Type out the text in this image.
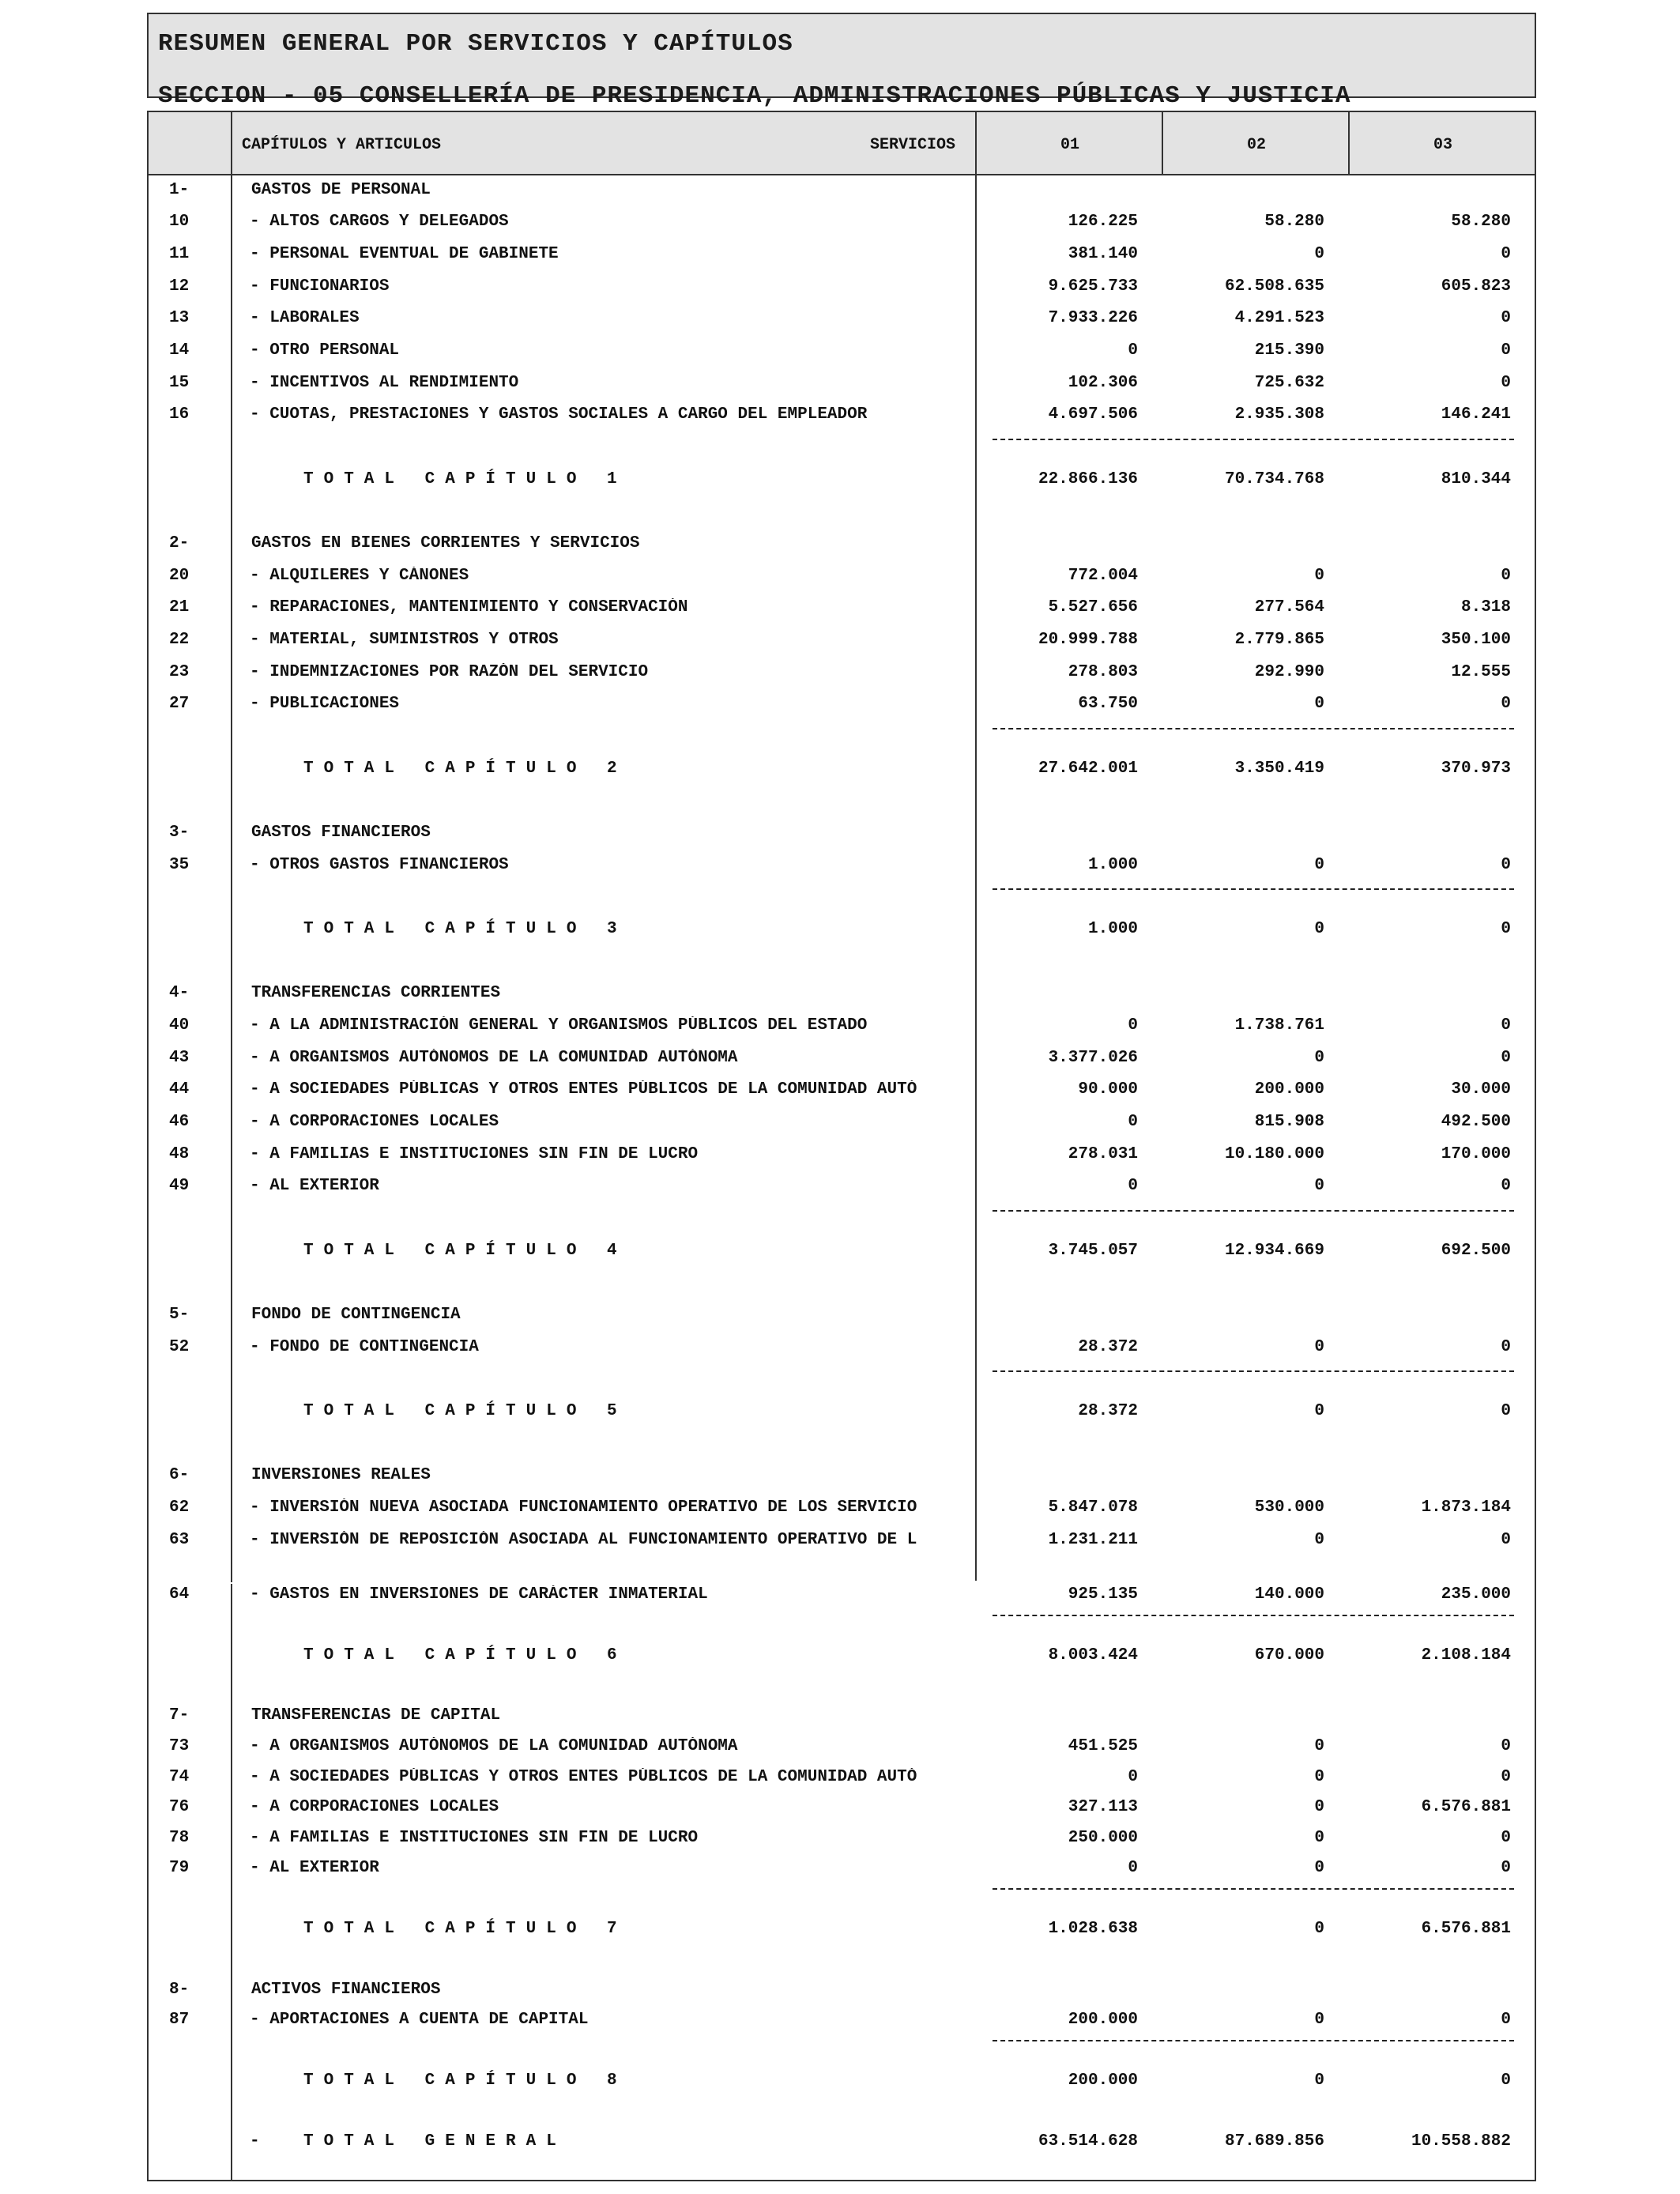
RESUMEN GENERAL POR SERVICIOS Y CAPÍTULOS
SECCION - 05 CONSELLERÍA DE PRESIDENCIA, ADMINISTRACIONES PÚBLICAS Y JUSTICIA
CAPÍTULOS Y ARTICULOS	SERVICIOS	01	02	03
1-	GASTOS DE PERSONAL
10	- ALTOS CARGOS Y DELEGADOS	126.225	58.280	58.280
11	- PERSONAL EVENTUAL DE GABINETE	381.140	0	0
12	- FUNCIONARIOS	9.625.733	62.508.635	605.823
13	- LABORALES	7.933.226	4.291.523	0
14	- OTRO PERSONAL	0	215.390	0
15	- INCENTIVOS AL RENDIMIENTO	102.306	725.632	0
16	- CUOTAS, PRESTACIONES Y GASTOS SOCIALES A CARGO DEL EMPLEADOR	4.697.506	2.935.308	146.241
TOTAL CAPÍTULO 1	22.866.136	70.734.768	810.344
2-	GASTOS EN BIENES CORRIENTES Y SERVICIOS
20	- ALQUILERES Y CÁNONES	772.004	0	0
21	- REPARACIONES, MANTENIMIENTO Y CONSERVACIÓN	5.527.656	277.564	8.318
22	- MATERIAL, SUMINISTROS Y OTROS	20.999.788	2.779.865	350.100
23	- INDEMNIZACIONES POR RAZÓN DEL SERVICIO	278.803	292.990	12.555
27	- PUBLICACIONES	63.750	0	0
TOTAL CAPÍTULO 2	27.642.001	3.350.419	370.973
3-	GASTOS FINANCIEROS
35	- OTROS GASTOS FINANCIEROS	1.000	0	0
TOTAL CAPÍTULO 3	1.000	0	0
4-	TRANSFERENCIAS CORRIENTES
40	- A LA ADMINISTRACIÓN GENERAL Y ORGANISMOS PÚBLICOS DEL ESTADO	0	1.738.761	0
43	- A ORGANISMOS AUTÓNOMOS DE LA COMUNIDAD AUTÓNOMA	3.377.026	0	0
44	- A SOCIEDADES PÚBLICAS Y OTROS ENTES PÚBLICOS DE LA COMUNIDAD AUTÓ	90.000	200.000	30.000
46	- A CORPORACIONES LOCALES	0	815.908	492.500
48	- A FAMILIAS E INSTITUCIONES SIN FIN DE LUCRO	278.031	10.180.000	170.000
49	- AL EXTERIOR	0	0	0
TOTAL CAPÍTULO 4	3.745.057	12.934.669	692.500
5-	FONDO DE CONTINGENCIA
52	- FONDO DE CONTINGENCIA	28.372	0	0
TOTAL CAPÍTULO 5	28.372	0	0
6-	INVERSIONES REALES
62	- INVERSIÓN NUEVA ASOCIADA FUNCIONAMIENTO OPERATIVO DE LOS SERVICIO	5.847.078	530.000	1.873.184
63	- INVERSIÓN DE REPOSICIÓN ASOCIADA AL FUNCIONAMIENTO OPERATIVO DE L	1.231.211	0	0
64	- GASTOS EN INVERSIONES DE CARÁCTER INMATERIAL	925.135	140.000	235.000
TOTAL CAPÍTULO 6	8.003.424	670.000	2.108.184
7-	TRANSFERENCIAS DE CAPITAL
73	- A ORGANISMOS AUTÓNOMOS DE LA COMUNIDAD AUTÓNOMA	451.525	0	0
74	- A SOCIEDADES PÚBLICAS Y OTROS ENTES PÚBLICOS DE LA COMUNIDAD AUTÓ	0	0	0
76	- A CORPORACIONES LOCALES	327.113	0	6.576.881
78	- A FAMILIAS E INSTITUCIONES SIN FIN DE LUCRO	250.000	0	0
79	- AL EXTERIOR	0	0	0
TOTAL CAPÍTULO 7	1.028.638	0	6.576.881
8-	ACTIVOS FINANCIEROS
87	- APORTACIONES A CUENTA DE CAPITAL	200.000	0	0
TOTAL CAPÍTULO 8	200.000	0	0
-	TOTAL GENERAL	63.514.628	87.689.856	10.558.882
